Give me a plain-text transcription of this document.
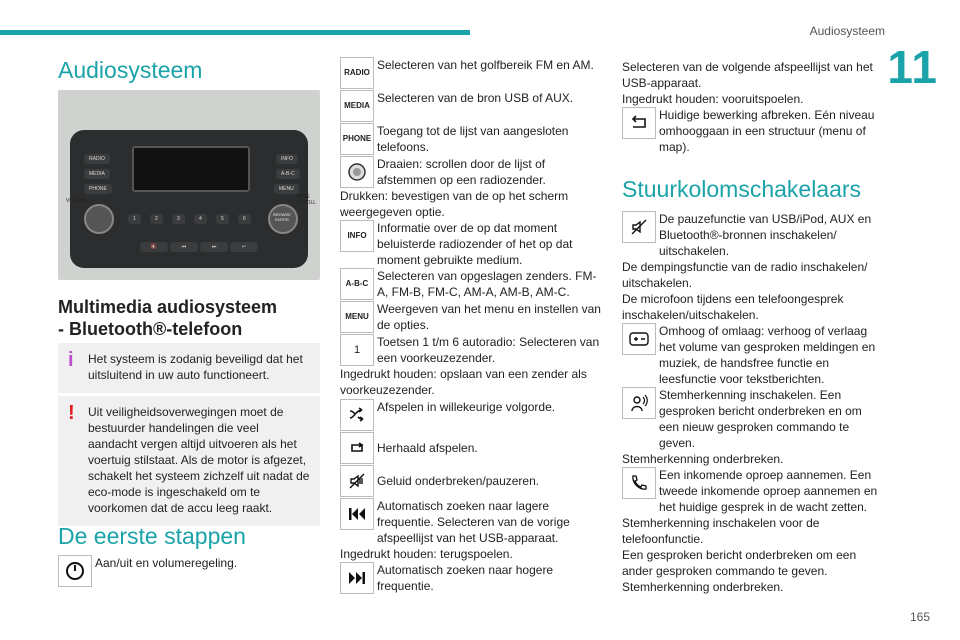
Audiosysteem
11
165
Audiosysteem
RADIO
MEDIA
PHONE
INFO
A-B-C
MENU
VOLUME
TUNE SCROLL
BROWSE ENTER
1	2	3	4	5	6
🔇	⏮	⏭	↩
Multimedia audiosysteem
- Bluetooth®-telefoon
i Het systeem is zodanig beveiligd dat het uitsluitend in uw auto functioneert.
! Uit veiligheidsoverwegingen moet de bestuurder handelingen die veel aandacht vergen altijd uitvoeren als het voertuig stilstaat. Als de motor is afgezet, schakelt het systeem zichzelf uit nadat de eco-mode is ingeschakeld om te voorkomen dat de accu leeg raakt.
De eerste stappen
Aan/uit en volumeregeling.
RADIO
Selecteren van het golfbereik FM en AM.
MEDIA
Selecteren van de bron USB of AUX.
PHONE
Toegang tot de lijst van aangesloten telefoons.
Draaien: scrollen door de lijst of afstemmen op een radiozender.
Drukken: bevestigen van de op het scherm weergegeven optie.
INFO
Informatie over de op dat moment beluisterde radiozender of het op dat moment gebruikte medium.
A-B-C
Selecteren van opgeslagen zenders. FM-A, FM-B, FM-C, AM-A, AM-B, AM-C.
MENU
Weergeven van het menu en instellen van de opties.
1
Toetsen 1 t/m 6 autoradio: Selecteren van een voorkeuzezender.
Ingedrukt houden: opslaan van een zender als voorkeuzezender.
Afspelen in willekeurige volgorde.
Herhaald afspelen.
Geluid onderbreken/pauzeren.
Automatisch zoeken naar lagere frequentie. Selecteren van de vorige afspeellijst van het USB-apparaat.
Ingedrukt houden: terugspoelen.
Automatisch zoeken naar hogere frequentie.
Selecteren van de volgende afspeellijst van het USB-apparaat.
Ingedrukt houden: vooruitspoelen.
Huidige bewerking afbreken. Eén niveau omhooggaan in een structuur (menu of map).
Stuurkolomschakelaars
De pauzefunctie van USB/iPod, AUX en Bluetooth®-bronnen inschakelen/ uitschakelen.
De dempingsfunctie van de radio inschakelen/ uitschakelen.
De microfoon tijdens een telefoongesprek inschakelen/uitschakelen.
Omhoog of omlaag: verhoog of verlaag het volume van gesproken meldingen en muziek, de handsfree functie en leesfunctie voor tekstberichten.
Stemherkenning inschakelen. Een gesproken bericht onderbreken en om een nieuw gesproken commando te geven.
Stemherkenning onderbreken.
Een inkomende oproep aannemen. Een tweede inkomende oproep aannemen en het huidige gesprek in de wacht zetten.
Stemherkenning inschakelen voor de telefoonfunctie.
Een gesproken bericht onderbreken om een ander gesproken commando te geven.
Stemherkenning onderbreken.
